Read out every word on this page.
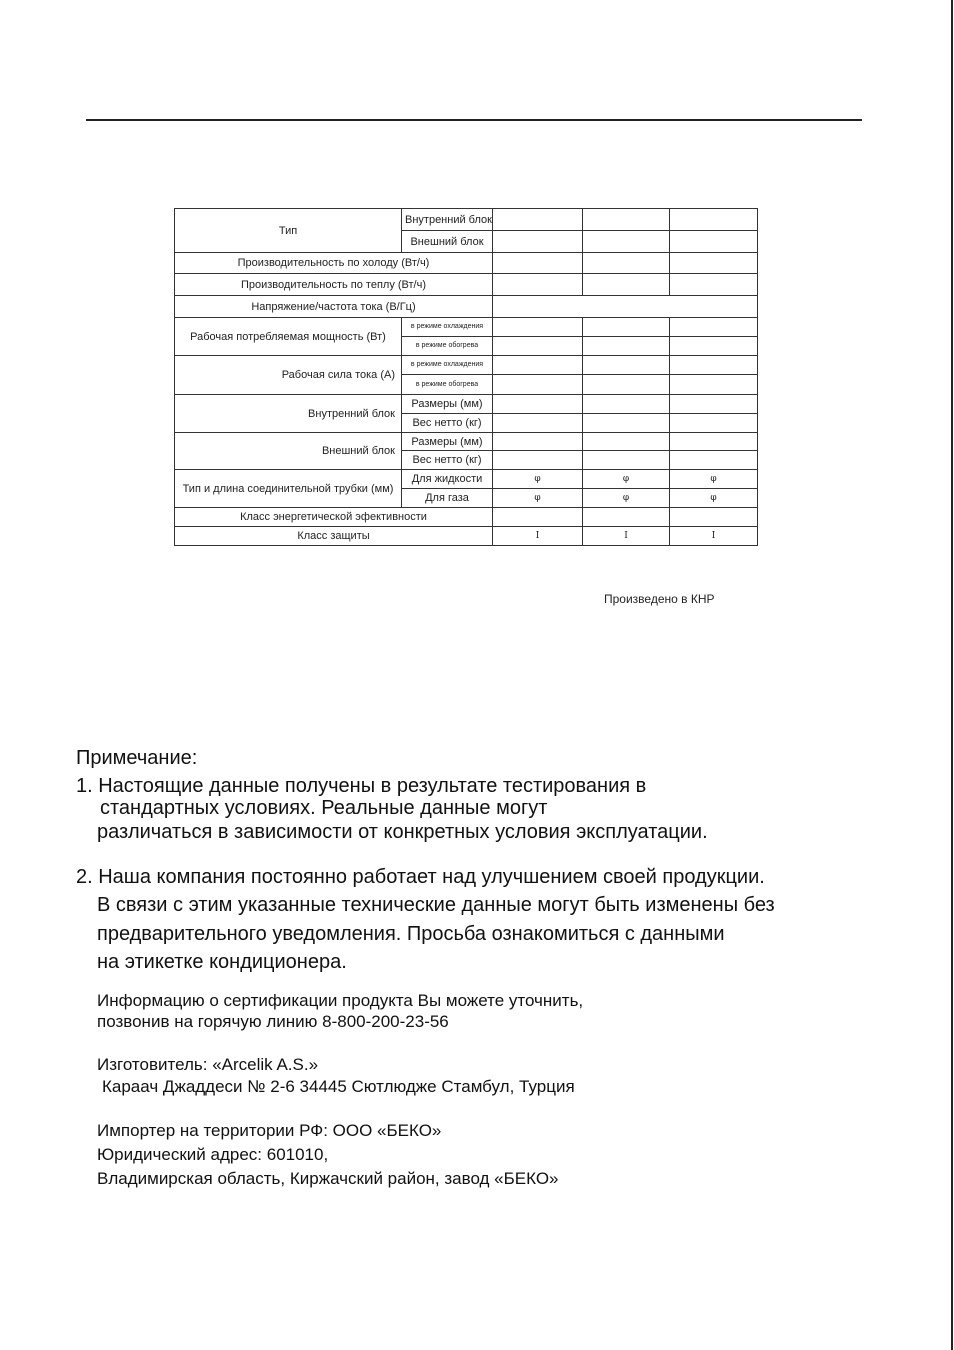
Тип	Внутренний блок			
	Внешний блок			
Производительность по холоду (Вт/ч)				
Производительность по теплу (Вт/ч)				
Напряжение/частота тока (В/Гц)				
Рабочая потребляемая мощность (Вт)	в режиме охлаждения			
	в режиме обогрева			
Рабочая сила тока (А)	в режиме охлаждения			
	в режиме обогрева			
Внутренний блок	Размеры (мм)			
	Вес нетто (кг)			
Внешний блок	Размеры (мм)			
	Вес нетто (кг)			
Тип и длина соединительной трубки (мм)	Для жидкости	φ	φ	φ
	Для газа	φ	φ	φ
Класс энергетической эфективности				
Класс защиты		I	I	I
Произведено в КНР
Примечание:
1. Настоящие данные получены в результате тестирования в
стандартных условиях. Реальные данные могут
различаться в зависимости от конкретных условия эксплуатации.
2. Наша компания постоянно работает над улучшением своей продукции.
В связи с этим указанные технические данные могут быть изменены без
предварительного уведомления. Просьба ознакомиться с данными
на этикетке кондиционера.
Информацию о сертификации продукта Вы можете уточнить,
позвонив на горячую линию 8-800-200-23-56
Изготовитель: «Arcelik A.S.»
Караач Джаддеси № 2-6 34445 Сютлюдже Стамбул, Турция
Импортер на территории РФ: ООО «БЕКО»
Юридический адрес: 601010,
Владимирская область, Киржачский район, завод «БЕКО»
